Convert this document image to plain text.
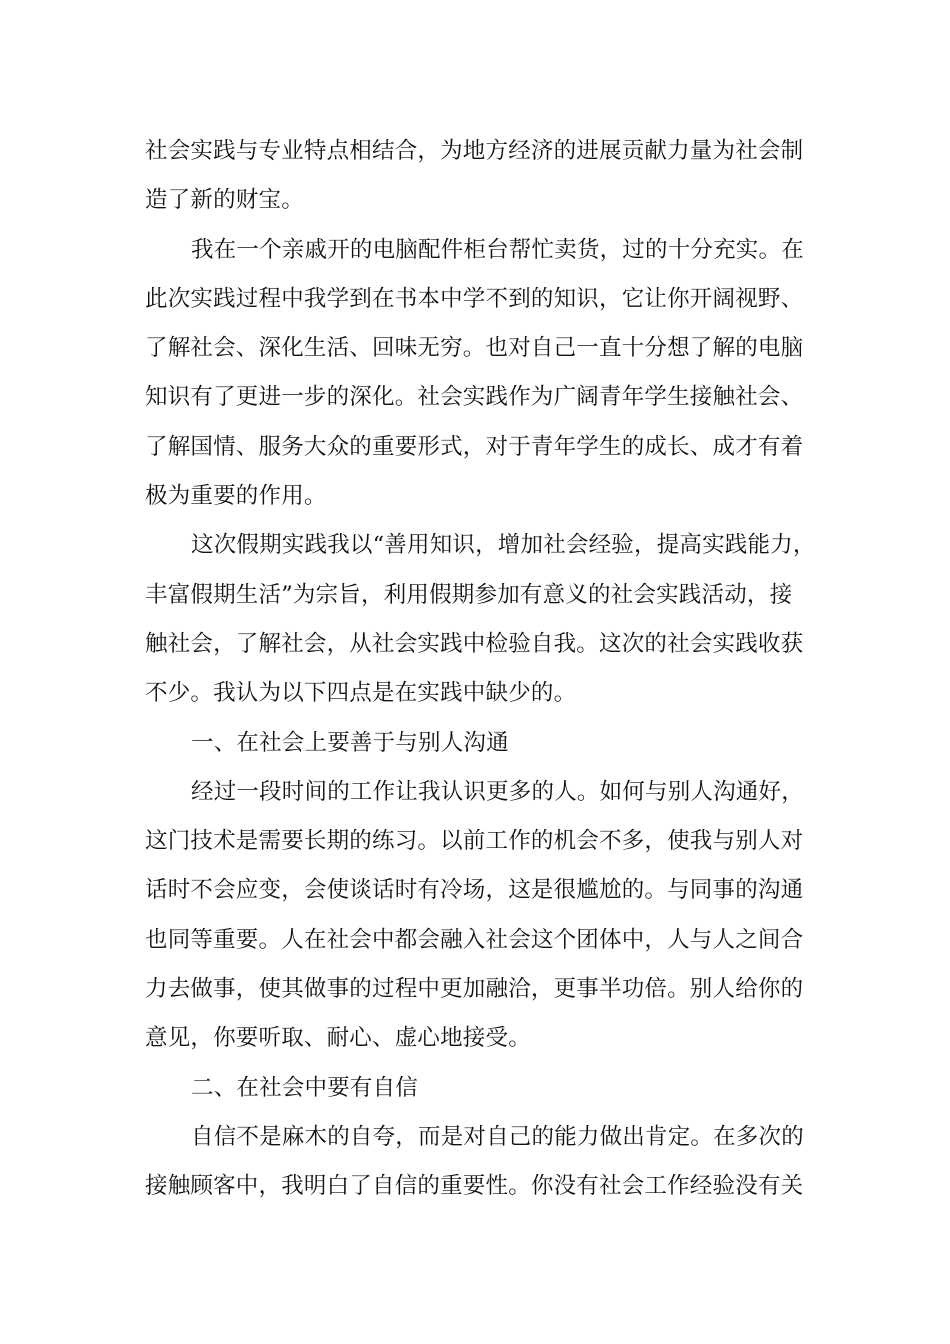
社会实践与专业特点相结合，为地方经济的进展贡献力量为社会制
造了新的财宝。
我在一个亲戚开的电脑配件柜台帮忙卖货，过的十分充实。在
此次实践过程中我学到在书本中学不到的知识，它让你开阔视野、
了解社会、深化生活、回味无穷。也对自己一直十分想了解的电脑
知识有了更进一步的深化。社会实践作为广阔青年学生接触社会、
了解国情、服务大众的重要形式，对于青年学生的成长、成才有着
极为重要的作用。
这次假期实践我以“善用知识，增加社会经验，提高实践能力，
丰富假期生活”为宗旨，利用假期参加有意义的社会实践活动，接
触社会，了解社会，从社会实践中检验自我。这次的社会实践收获
不少。我认为以下四点是在实践中缺少的。
一、在社会上要善于与别人沟通
经过一段时间的工作让我认识更多的人。如何与别人沟通好，
这门技术是需要长期的练习。以前工作的机会不多，使我与别人对
话时不会应变，会使谈话时有冷场，这是很尴尬的。与同事的沟通
也同等重要。人在社会中都会融入社会这个团体中，人与人之间合
力去做事，使其做事的过程中更加融洽，更事半功倍。别人给你的
意见，你要听取、耐心、虚心地接受。
二、在社会中要有自信
自信不是麻木的自夸，而是对自己的能力做出肯定。在多次的
接触顾客中，我明白了自信的重要性。你没有社会工作经验没有关
